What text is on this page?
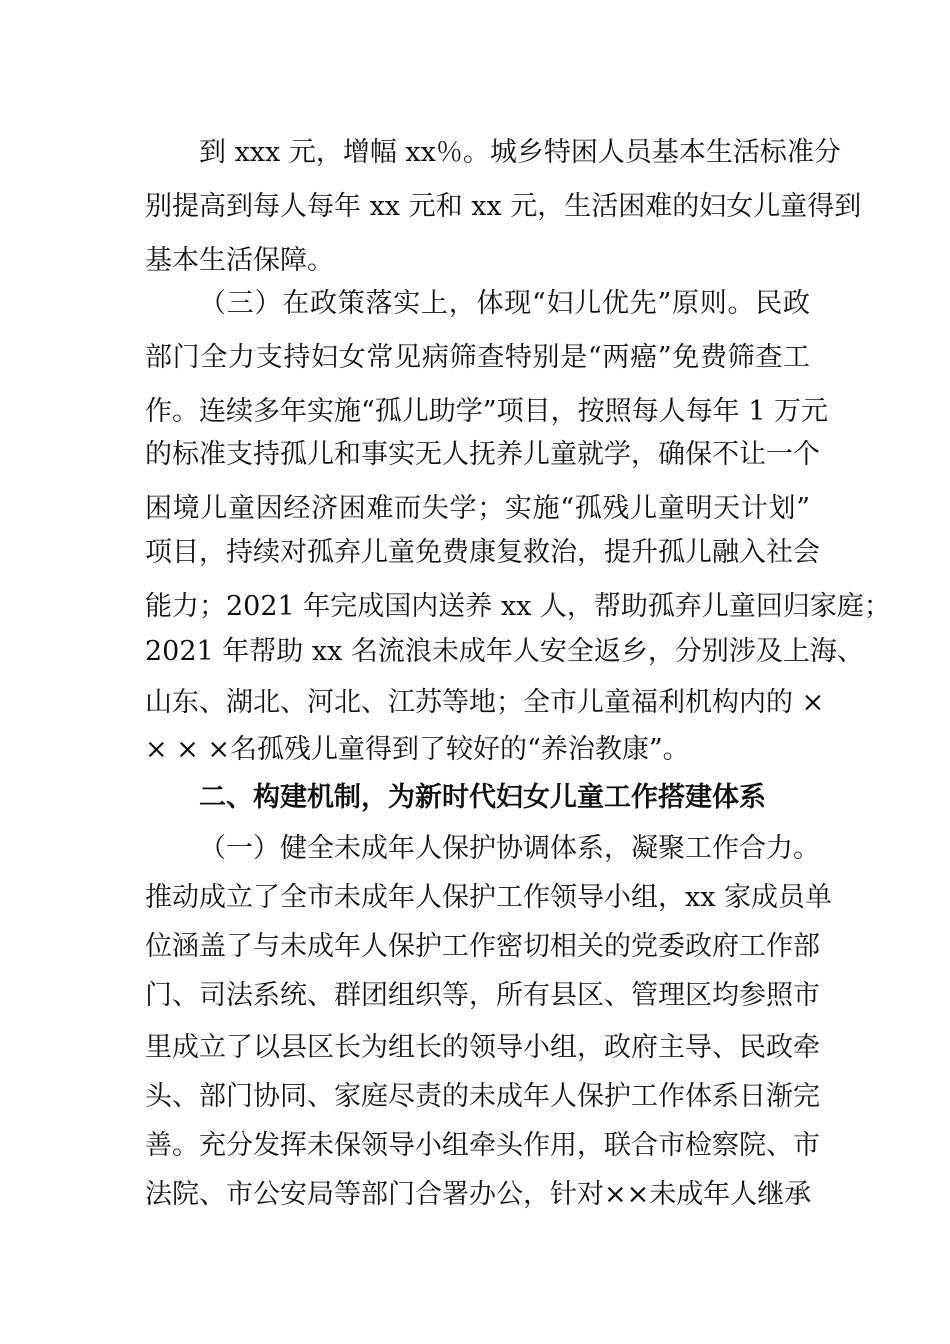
到 xxx 元，增幅 xx％。城乡特困人员基本生活标准分
别提高到每人每年 xx 元和 xx 元，生活困难的妇女儿童得到
基本生活保障。
（三）在政策落实上，体现“妇儿优先”原则。民政
部门全力支持妇女常见病筛查特别是“两癌”免费筛查工
作。连续多年实施“孤儿助学”项目，按照每人每年 1 万元
的标准支持孤儿和事实无人抚养儿童就学，确保不让一个
困境儿童因经济困难而失学；实施“孤残儿童明天计划”
项目，持续对孤弃儿童免费康复救治，提升孤儿融入社会
能力；2021 年完成国内送养 xx 人，帮助孤弃儿童回归家庭；
2021 年帮助 xx 名流浪未成年人安全返乡，分别涉及上海、
山东、湖北、河北、江苏等地；全市儿童福利机构内的 ×
× × ×名孤残儿童得到了较好的“养治教康”。
二、构建机制，为新时代妇女儿童工作搭建体系
（一）健全未成年人保护协调体系，凝聚工作合力。
推动成立了全市未成年人保护工作领导小组，xx 家成员单
位涵盖了与未成年人保护工作密切相关的党委政府工作部
门、司法系统、群团组织等，所有县区、管理区均参照市
里成立了以县区长为组长的领导小组，政府主导、民政牵
头、部门协同、家庭尽责的未成年人保护工作体系日渐完
善。充分发挥未保领导小组牵头作用，联合市检察院、市
法院、市公安局等部门合署办公，针对××未成年人继承
